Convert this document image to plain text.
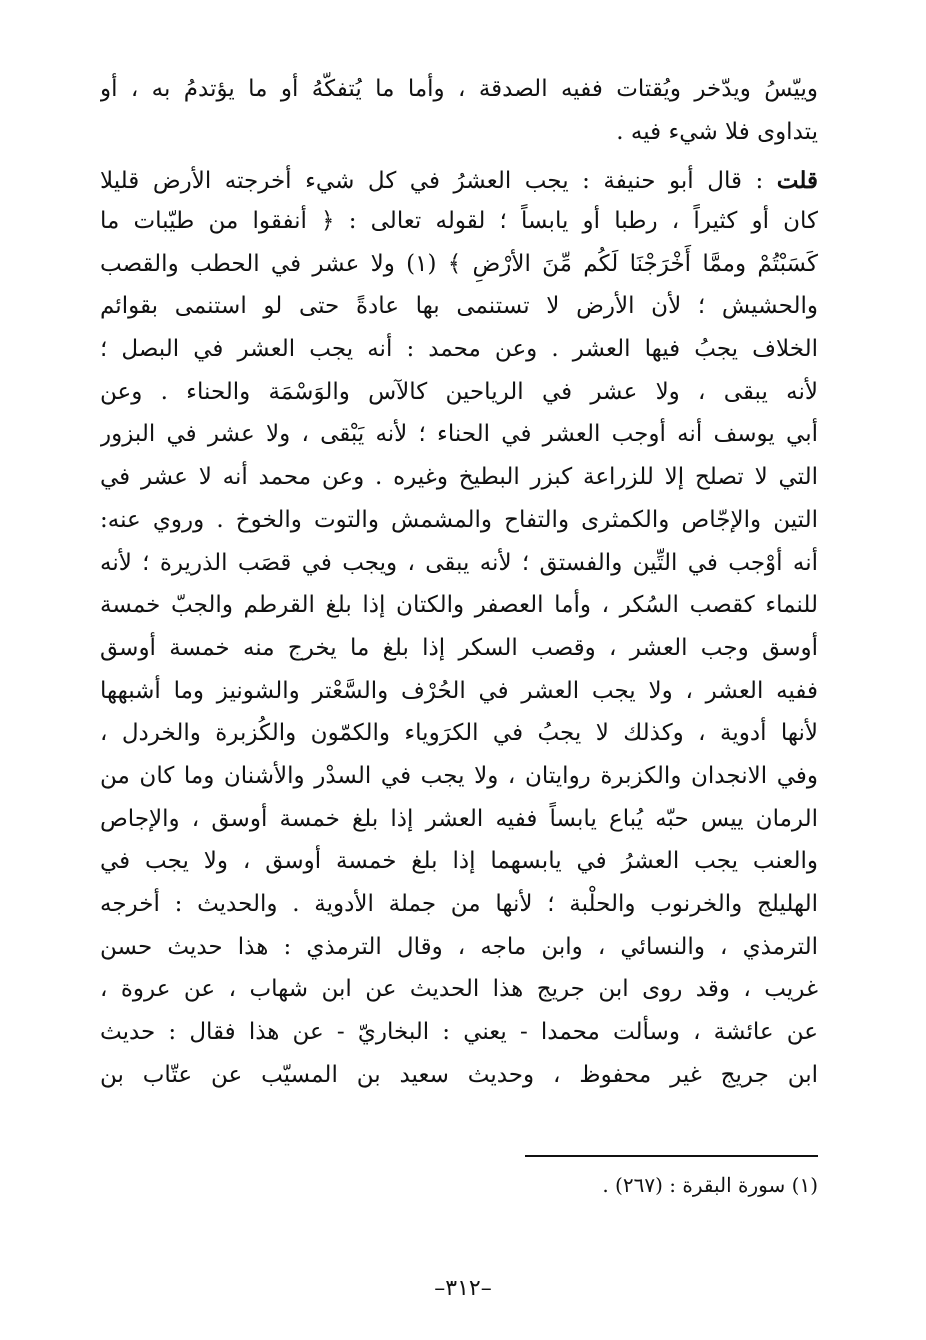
وييّسُ ويدّخر ويُقتات ففيه الصدقة ، وأما ما يُتفكّهُ أو ما يؤتدمُ به ، أو
يتداوى فلا شيء فيه .
قلت : قال أبو حنيفة : يجب العشرُ في كل شيء أخرجته الأرض قليلا
كان أو كثيراً ، رطبا أو يابساً ؛ لقوله تعالى : ﴿ أنفقوا من طيّبات ما
كَسَبْتُمْ وممَّا أَخْرَجْنَا لَكُم مِّنَ الأرْضِ ﴾ (١) ولا عشر في الحطب والقصب
والحشيش ؛ لأن الأرض لا تستنمى بها عادةً حتى لو استنمى بقوائم
الخلاف يجبُ فيها العشر . وعن محمد : أنه يجب العشر في البصل ؛
لأنه يبقى ، ولا عشر في الرياحين كالآس والوَسْمَة والحناء . وعن
أبي يوسف أنه أوجب العشر في الحناء ؛ لأنه يَبْقى ، ولا عشر في البزور
التي لا تصلح إلا للزراعة كبزر البطيخ وغيره . وعن محمد أنه لا عشر في
التين والإجّاص والكمثرى والتفاح والمشمش والتوت والخوخ . وروي عنه:
أنه أوْجب في التِّين والفستق ؛ لأنه يبقى ، ويجب في قصَب الذريرة ؛ لأنه
للنماء كقصب السُكر ، وأما العصفر والكتان إذا بلغ القرطم والجبّ خمسة
أوسق وجب العشر ، وقصب السكر إذا بلغ ما يخرج منه خمسة أوسق
ففيه العشر ، ولا يجب العشر في الحُرْف والسَّعْتر والشونيز وما أشبهها
لأنها أدوية ، وكذلك لا يجبُ في الكرَوياء والكمّون والكُزبرة والخردل ،
وفي الانجدان والكزبرة روايتان ، ولا يجب في السدْر والأشنان وما كان من
الرمان ييس حبّه يُباع يابساً ففيه العشر إذا بلغ خمسة أوسق ، والإجاص
والعنب يجب العشرُ في يابسهما إذا بلغ خمسة أوسق ، ولا يجب في
الهليلج والخرنوب والحلْبة ؛ لأنها من جملة الأدوية . والحديث : أخرجه
الترمذي ، والنسائي ، وابن ماجه ، وقال الترمذي : هذا حديث حسن
غريب ، وقد روى ابن جريج هذا الحديث عن ابن شهاب ، عن عروة ،
عن عائشة ، وسألت محمدا - يعني : البخاريّ - عن هذا فقال : حديث
ابن جريج غير محفوظ ، وحديث سعيد بن المسيّب عن عتّاب بن
(١) سورة البقرة : (٢٦٧) .
–٣١٢–
